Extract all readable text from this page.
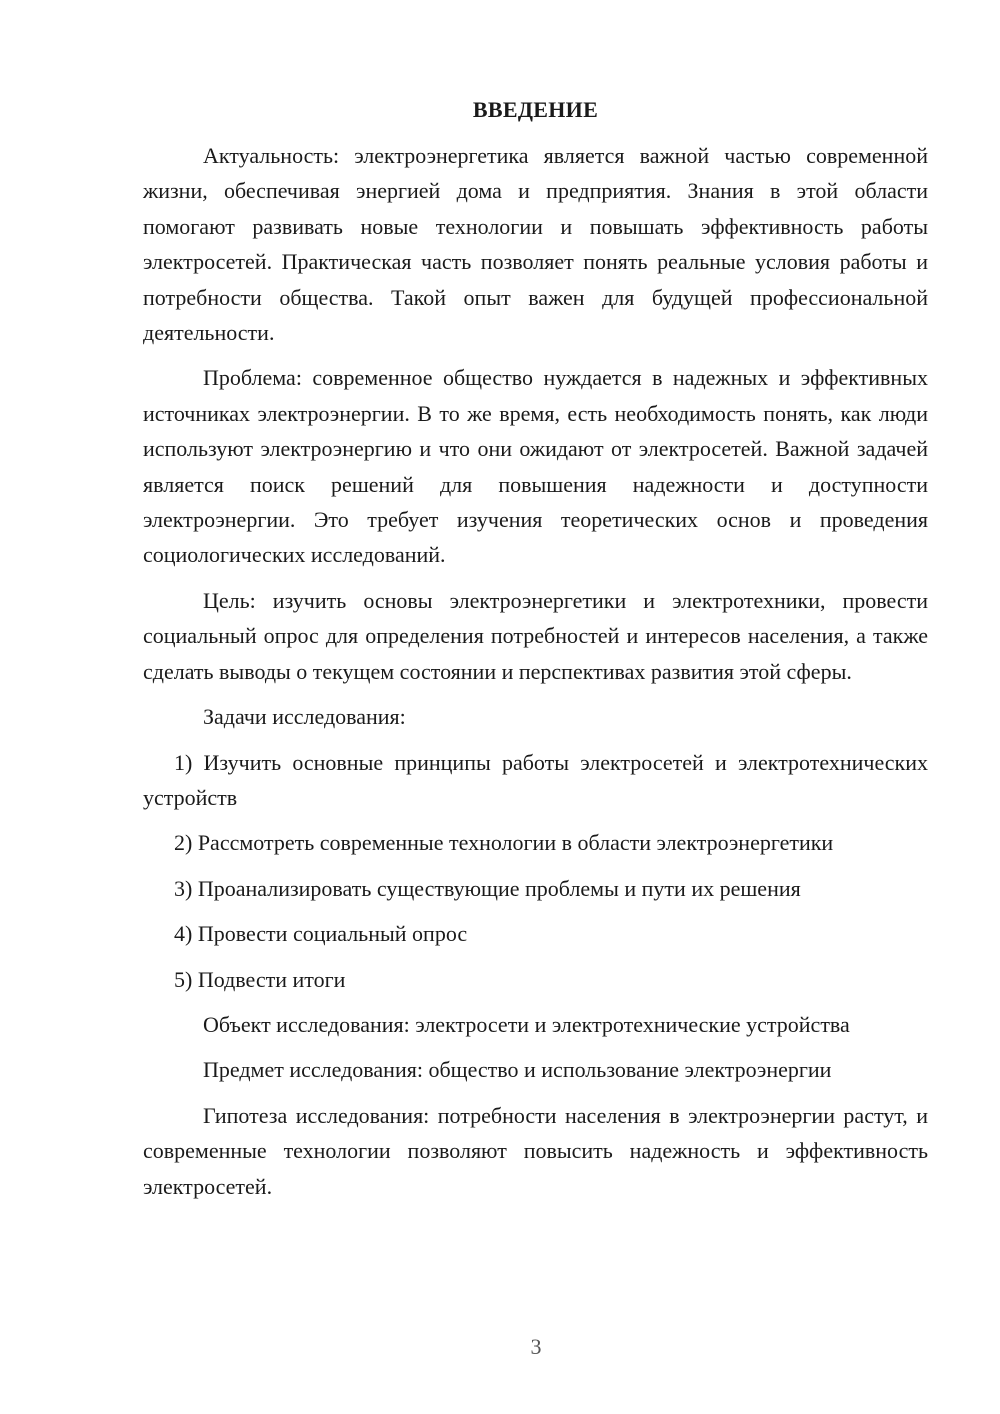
ВВЕДЕНИЕ

Актуальность: электроэнергетика является важной частью современной жизни, обеспечивая энергией дома и предприятия. Знания в этой области помогают развивать новые технологии и повышать эффективность работы электросетей. Практическая часть позволяет понять реальные условия работы и потребности общества. Такой опыт важен для будущей профессиональной деятельности.

Проблема: современное общество нуждается в надежных и эффективных источниках электроэнергии. В то же время, есть необходимость понять, как люди используют электроэнергию и что они ожидают от электросетей. Важной задачей является поиск решений для повышения надежности и доступности электроэнергии. Это требует изучения теоретических основ и проведения социологических исследований.

Цель: изучить основы электроэнергетики и электротехники, провести социальный опрос для определения потребностей и интересов населения, а также сделать выводы о текущем состоянии и перспективах развития этой сферы.

Задачи исследования:

1) Изучить основные принципы работы электросетей и электротехнических устройств

2) Рассмотреть современные технологии в области электроэнергетики

3) Проанализировать существующие проблемы и пути их решения

4) Провести социальный опрос

5) Подвести итоги

Объект исследования: электросети и электротехнические устройства

Предмет исследования: общество и использование электроэнергии

Гипотеза исследования: потребности населения в электроэнергии растут, и современные технологии позволяют повысить надежность и эффективность электросетей.

3
